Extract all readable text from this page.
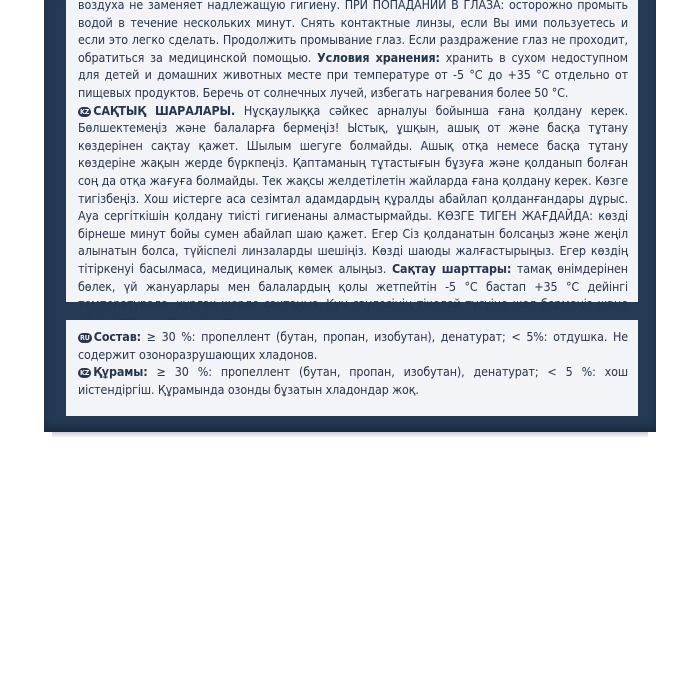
воздуха не заменяет надлежащую гигиену. ПРИ ПОПАДАНИИ В ГЛАЗА: осторожно промыть водой в течение нескольких минут. Снять контактные линзы, если Вы ими пользуетесь и если это легко сделать. Продолжить промывание глаз. Если раздражение глаз не проходит, обратиться за медицинской помощью. Условия хранения: хранить в сухом недоступном для детей и домашних животных месте при температуре от -5 °С до +35 °С отдельно от пищевых продуктов. Беречь от солнечных лучей, избегать нагревания более 50 °С.
KZ САҚТЫҚ ШАРАЛАРЫ. Нұсқаулыққа сәйкес арналуы бойынша ғана қолдану керек. Бөлшектемеңіз және балаларға бермеңіз! Ыстық, ұшқын, ашық от және басқа тұтану көздерінен сақтау қажет. Шылым шегуге болмайды. Ашық отқа немесе басқа тұтану көздеріне жақын жерде бүркпеңіз. Қаптаманың тұтастығын бұзуға және қолданып болған соң да отқа жағуға болмайды. Тек жақсы желдетілетін жайларда ғана қолдану керек. Көзге тигізбеңіз. Хош иістерге аса сезімтал адамдардың құралды абайлап қолданғандары дұрыс. Ауа сергіткішін қолдану тиісті гигиенаны алмастырмайды. КӨЗГЕ ТИГЕН ЖАҒДАЙДА: көзді бірнеше минут бойы сумен абайлап шаю қажет. Егер Сіз қолданатын болсаңыз және жеңіл алынатын болса, түйіспелі линзаларды шешіңіз. Көзді шаюды жалғастырыңыз. Егер көздің тітіркенуі басылмаса, медициналық көмек алыңыз. Сақтау шарттары: тамақ өнімдерінен бөлек, үй жануарлары мен балалардың қолы жетпейтін -5 °С бастап +35 °С дейінгі температурада, құрғақ жерде сақтаңыз. Күн сәулесінің тікелей түсуіне жол бермеңіз және
RU Состав: ≥ 30 %: пропеллент (бутан, пропан, изобутан), денатурат; < 5%: отдушка. Не содержит озоноразрушающих хладонов.
KZ Құрамы: ≥ 30 %: пропеллент (бутан, пропан, изобутан), денатурат; < 5 %: хош иістендіргіш. Құрамында озонды бұзатын хладондар жоқ.
